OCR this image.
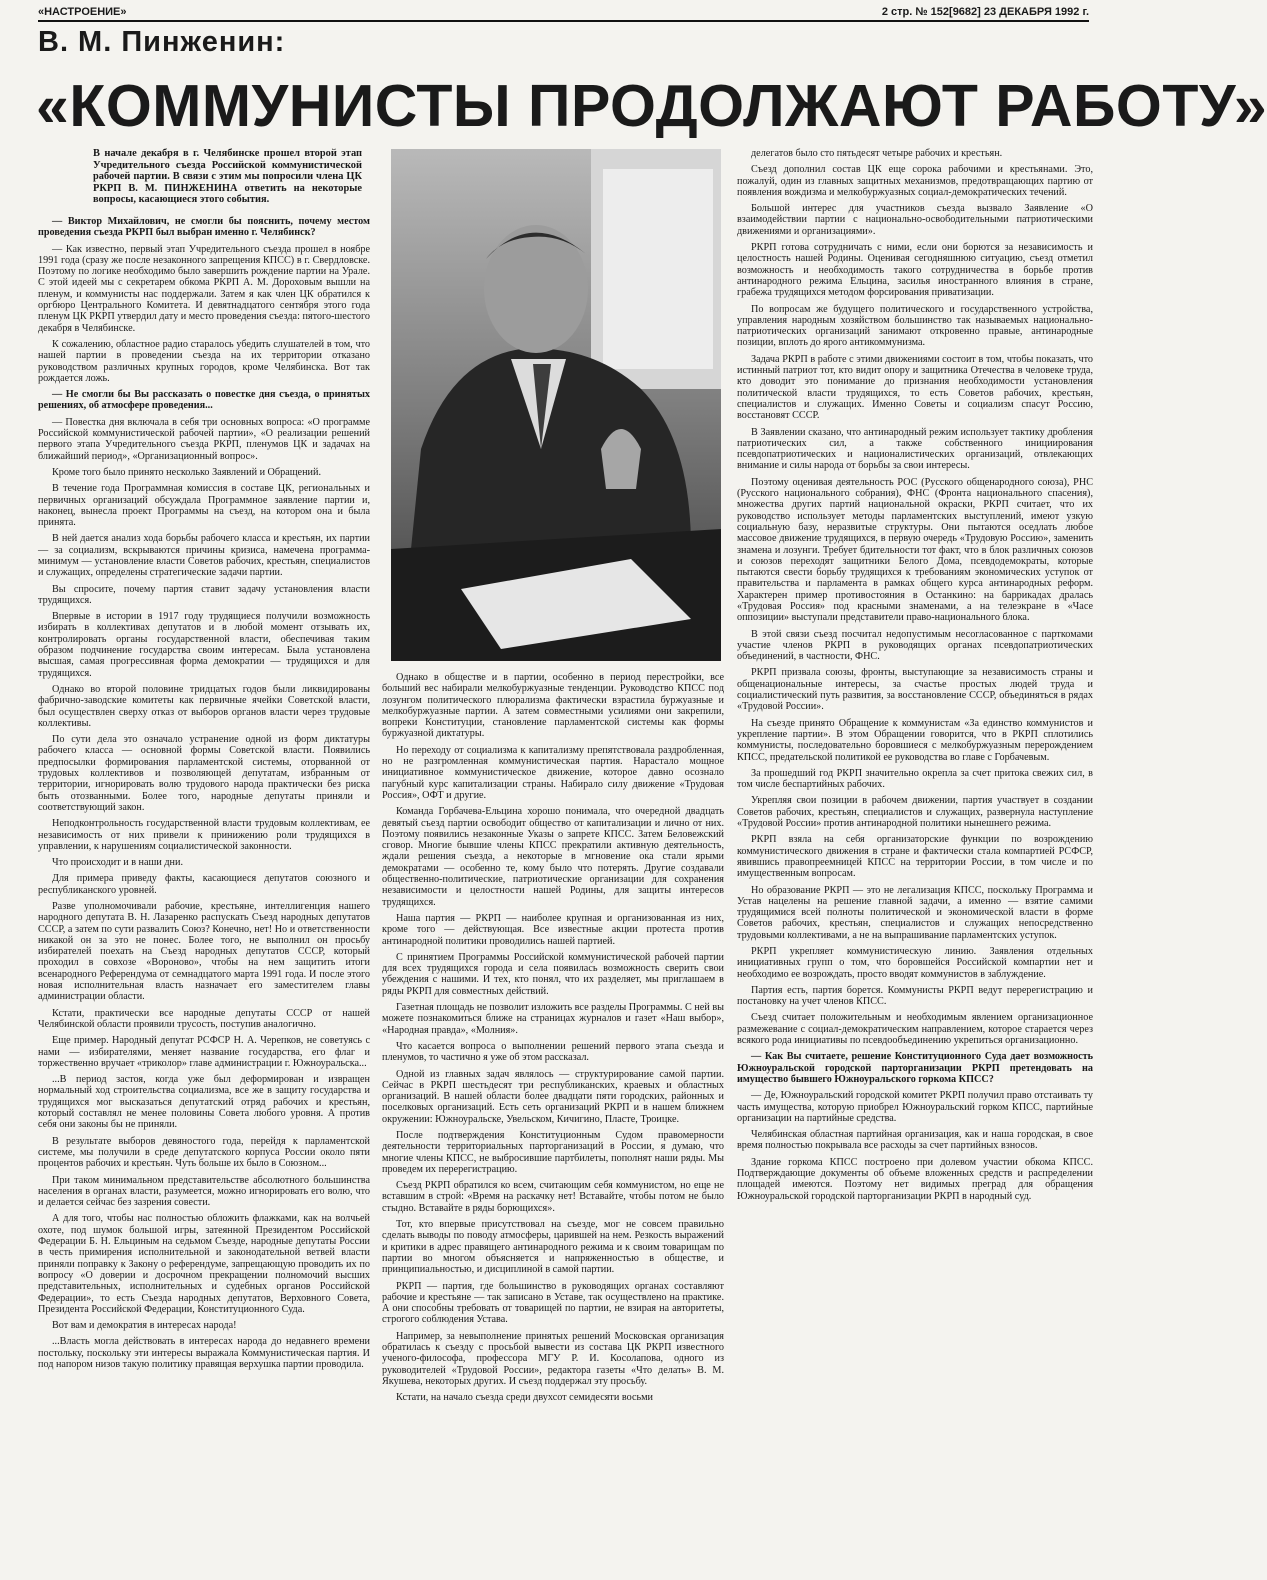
«НАСТРОЕНИЕ»	2 стр. № 152[9682] 23 ДЕКАБРЯ 1992 г.
В. М. Пинженин:
«КОММУНИСТЫ ПРОДОЛЖАЮТ РАБОТУ»

В начале декабря в г. Челябинске прошел второй этап Учредительного съезда Российской коммунистической рабочей партии. В связи с этим мы попросили члена ЦК РКРП В. М. ПИНЖЕНИНА ответить на некоторые вопросы, касающиеся этого события.

— Виктор Михайлович, не смогли бы пояснить, почему местом проведения съезда РКРП был выбран именно г. Челябинск?

— Как известно, первый этап Учредительного съезда прошел в ноябре 1991 года (сразу же после незаконного запрещения КПСС) в г. Свердловске. Поэтому по логике необходимо было завершить рождение партии на Урале. С этой идеей мы с секретарем обкома РКРП А. М. Дороховым вышли на пленум, и коммунисты нас поддержали. Затем я как член ЦК обратился к оргбюро Центрального Комитета. И девятнадцатого сентября этого года пленум ЦК РКРП утвердил дату и место проведения съезда: пятого-шестого декабря в Челябинске.

К сожалению, областное радио старалось убедить слушателей в том, что нашей партии в проведении съезда на их территории отказано руководством различных крупных городов, кроме Челябинска. Вот так рождается ложь.

— Не смогли бы Вы рассказать о повестке дня съезда, о принятых решениях, об атмосфере проведения...

— Повестка дня включала в себя три основных вопроса: «О программе Российской коммунистической рабочей партии», «О реализации решений первого этапа Учредительного съезда РКРП, пленумов ЦК и задачах на ближайший период», «Организационный вопрос».

Кроме того было принято несколько Заявлений и Обращений.

В течение года Программная комиссия в составе ЦК, региональных и первичных организаций обсуждала Программное заявление партии и, наконец, вынесла проект Программы на съезд, на котором она и была принята.

В ней дается анализ хода борьбы рабочего класса и крестьян, их партии — за социализм, вскрываются причины кризиса, намечена программа-минимум — установление власти Советов рабочих, крестьян, специалистов и служащих, определены стратегические задачи партии.

Вы спросите, почему партия ставит задачу установления власти трудящихся.

Впервые в истории в 1917 году трудящиеся получили возможность избирать в коллективах депутатов и в любой момент отзывать их, контролировать органы государственной власти, обеспечивая таким образом подчинение государства своим интересам. Была установлена высшая, самая прогрессивная форма демократии — трудящихся и для трудящихся.

Однако во второй половине тридцатых годов были ликвидированы фабрично-заводские комитеты как первичные ячейки Советской власти, был осуществлен сверху отказ от выборов органов власти через трудовые коллективы.

По сути дела это означало устранение одной из форм диктатуры рабочего класса — основной формы Советской власти. Появились предпосылки формирования парламентской системы, оторванной от трудовых коллективов и позволяющей депутатам, избранным от территории, игнорировать волю трудового народа практически без риска быть отозванными. Более того, народные депутаты приняли и соответствующий закон.

Неподконтрольность государственной власти трудовым коллективам, ее независимость от них привели к принижению роли трудящихся в управлении, к нарушениям социалистической законности.

Что происходит и в наши дни.

Для примера приведу факты, касающиеся депутатов союзного и республиканского уровней.

Разве уполномочивали рабочие, крестьяне, интеллигенция нашего народного депутата В. Н. Лазаренко распускать Съезд народных депутатов СССР, а затем по сути развалить Союз? Конечно, нет! Но и ответственности никакой он за это не понес. Более того, не выполнил он просьбу избирателей поехать на Съезд народных депутатов СССР, который проходил в совхозе «Вороново», чтобы на нем защитить итоги всенародного Референдума от семнадцатого марта 1991 года. И после этого новая исполнительная власть назначает его заместителем главы администрации области.

Кстати, практически все народные депутаты СССР от нашей Челябинской области проявили трусость, поступив аналогично.

Еще пример. Народный депутат РСФСР Н. А. Черепков, не советуясь с нами — избирателями, меняет название государства, его флаг и торжественно вручает «триколор» главе администрации г. Южноуральска...

...В период застоя, когда уже был деформирован и извращен нормальный ход строительства социализма, все же в защиту государства и трудящихся мог высказаться депутатский отряд рабочих и крестьян, который составлял не менее половины Совета любого уровня. А против себя они законы бы не приняли.

В результате выборов девяностого года, перейдя к парламентской системе, мы получили в среде депутатского корпуса России около пяти процентов рабочих и крестьян. Чуть больше их было в Союзном...

При таком минимальном представительстве абсолютного большинства населения в органах власти, разумеется, можно игнорировать его волю, что и делается сейчас без зазрения совести.

А для того, чтобы нас полностью обложить флажками, как на волчьей охоте, под шумок большой игры, затеянной Президентом Российской Федерации Б. Н. Ельциным на седьмом Съезде, народные депутаты России в честь примирения исполнительной и законодательной ветвей власти приняли поправку к Закону о референдуме, запрещающую проводить их по вопросу «О доверии и досрочном прекращении полномочий высших представительных, исполнительных и судебных органов Российской Федерации», то есть Съезда народных депутатов, Верховного Совета, Президента Российской Федерации, Конституционного Суда.

Вот вам и демократия в интересах народа!

...Власть могла действовать в интересах народа до недавнего времени постольку, поскольку эти интересы выражала Коммунистическая партия. И под напором низов такую политику правящая верхушка партии проводила.

Однако в обществе и в партии, особенно в период перестройки, все больший вес набирали мелкобуржуазные тенденции. Руководство КПСС под лозунгом политического плюрализма фактически взрастила буржуазные и мелкобуржуазные партии. А затем совместными усилиями они закрепили, вопреки Конституции, становление парламентской системы как формы буржуазной диктатуры.

Но переходу от социализма к капитализму препятствовала раздробленная, но не разгромленная коммунистическая партия. Нарастало мощное инициативное коммунистическое движение, которое давно осознало пагубный курс капитализации страны. Набирало силу движение «Трудовая Россия», ОФТ и другие.

Команда Горбачева-Ельцина хорошо понимала, что очередной двадцать девятый съезд партии освободит общество от капитализации и лично от них. Поэтому появились незаконные Указы о запрете КПСС. Затем Беловежский сговор. Многие бывшие члены КПСС прекратили активную деятельность, ждали решения съезда, а некоторые в мгновение ока стали ярыми демократами — особенно те, кому было что потерять. Другие создавали общественно-политические, патриотические организации для сохранения независимости и целостности нашей Родины, для защиты интересов трудящихся.

Наша партия — РКРП — наиболее крупная и организованная из них, кроме того — действующая. Все известные акции протеста против антинародной политики проводились нашей партией.

С принятием Программы Российской коммунистической рабочей партии для всех трудящихся города и села появилась возможность сверить свои убеждения с нашими. И тех, кто понял, что их разделяет, мы приглашаем в ряды РКРП для совместных действий.

Газетная площадь не позволит изложить все разделы Программы. С ней вы можете познакомиться ближе на страницах журналов и газет «Наш выбор», «Народная правда», «Молния».

Что касается вопроса о выполнении решений первого этапа съезда и пленумов, то частично я уже об этом рассказал.

Одной из главных задач являлось — структурирование самой партии. Сейчас в РКРП шестьдесят три республиканских, краевых и областных организаций. В нашей области более двадцати пяти городских, районных и поселковых организаций. Есть сеть организаций РКРП и в нашем ближнем окружении: Южноуральске, Увельском, Кичигино, Пласте, Троицке.

После подтверждения Конституционным Судом правомерности деятельности территориальных парторганизаций в России, я думаю, что многие члены КПСС, не выбросившие партбилеты, пополнят наши ряды. Мы проведем их перерегистрацию.

Съезд РКРП обратился ко всем, считающим себя коммунистом, но еще не вставшим в строй: «Время на раскачку нет! Вставайте, чтобы потом не было стыдно. Вставайте в ряды борющихся».

Тот, кто впервые присутствовал на съезде, мог не совсем правильно сделать выводы по поводу атмосферы, царившей на нем. Резкость выражений и критики в адрес правящего антинародного режима и к своим товарищам по партии во многом объясняется и напряженностью в обществе, и принципиальностью, и дисциплиной в самой партии.

РКРП — партия, где большинство в руководящих органах составляют рабочие и крестьяне — так записано в Уставе, так осуществлено на практике. А они способны требовать от товарищей по партии, не взирая на авторитеты, строгого соблюдения Устава.

Например, за невыполнение принятых решений Московская организация обратилась к съезду с просьбой вывести из состава ЦК РКРП известного ученого-философа, профессора МГУ Р. И. Косолапова, одного из руководителей «Трудовой России», редактора газеты «Что делать» В. М. Якушева, некоторых других. И съезд поддержал эту просьбу.

Кстати, на начало съезда среди двухсот семидесяти восьми

делегатов было сто пятьдесят четыре рабочих и крестьян.

Съезд дополнил состав ЦК еще сорока рабочими и крестьянами. Это, пожалуй, один из главных защитных механизмов, предотвращающих партию от появления вождизма и мелкобуржуазных социал-демократических течений.

Большой интерес для участников съезда вызвало Заявление «О взаимодействии партии с национально-освободительными патриотическими движениями и организациями».

РКРП готова сотрудничать с ними, если они борются за независимость и целостность нашей Родины. Оценивая сегодняшнюю ситуацию, съезд отметил возможность и необходимость такого сотрудничества в борьбе против антинародного режима Ельцина, засилья иностранного влияния в стране, грабежа трудящихся методом форсирования приватизации.

По вопросам же будущего политического и государственного устройства, управления народным хозяйством большинство так называемых национально-патриотических организаций занимают откровенно правые, антинародные позиции, вплоть до ярого антикоммунизма.

Задача РКРП в работе с этими движениями состоит в том, чтобы показать, что истинный патриот тот, кто видит опору и защитника Отечества в человеке труда, кто доводит это понимание до признания необходимости установления политической власти трудящихся, то есть Советов рабочих, крестьян, специалистов и служащих. Именно Советы и социализм спасут Россию, восстановят СССР.

В Заявлении сказано, что антинародный режим использует тактику дробления патриотических сил, а также собственного инициирования псевдопатриотических и националистических организаций, отвлекающих внимание и силы народа от борьбы за свои интересы.

Поэтому оценивая деятельность РОС (Русского общенародного союза), РНС (Русского национального собрания), ФНС (Фронта национального спасения), множества других партий национальной окраски, РКРП считает, что их руководство использует методы парламентских выступлений, имеют узкую социальную базу, неразвитые структуры. Они пытаются оседлать любое массовое движение трудящихся, в первую очередь «Трудовую Россию», заменить знамена и лозунги. Требует бдительности тот факт, что в блок различных союзов и союзов переходят защитники Белого Дома, псевдодемократы, которые пытаются свести борьбу трудящихся к требованиям экономических уступок от правительства и парламента в рамках общего курса антинародных реформ. Характерен пример противостояния в Останкино: на баррикадах дралась «Трудовая Россия» под красными знаменами, а на телеэкране в «Часе оппозиции» выступали представители право-национального блока.

В этой связи съезд посчитал недопустимым несогласованное с парткомами участие членов РКРП в руководящих органах псевдопатриотических объединений, в частности, ФНС.

РКРП призвала союзы, фронты, выступающие за независимость страны и общенациональные интересы, за счастье простых людей труда и социалистический путь развития, за восстановление СССР, объединяться в рядах «Трудовой России».

На съезде принято Обращение к коммунистам «За единство коммунистов и укрепление партии». В этом Обращении говорится, что в РКРП сплотились коммунисты, последовательно боровшиеся с мелкобуржуазным перерождением КПСС, предательской политикой ее руководства во главе с Горбачевым.

За прошедший год РКРП значительно окрепла за счет притока свежих сил, в том числе беспартийных рабочих.

Укрепляя свои позиции в рабочем движении, партия участвует в создании Советов рабочих, крестьян, специалистов и служащих, развернула наступление «Трудовой России» против антинародной политики нынешнего режима.

РКРП взяла на себя организаторские функции по возрождению коммунистического движения в стране и фактически стала компартией РСФСР, явившись правопреемницей КПСС на территории России, в том числе и по имущественным вопросам.

Но образование РКРП — это не легализация КПСС, поскольку Программа и Устав нацелены на решение главной задачи, а именно — взятие самими трудящимися всей полноты политической и экономической власти в форме Советов рабочих, крестьян, специалистов и служащих непосредственно трудовыми коллективами, а не на выпрашивание парламентских уступок.

РКРП укрепляет коммунистическую линию. Заявления отдельных инициативных групп о том, что боровшейся Российской компартии нет и необходимо ее возрождать, просто вводят коммунистов в заблуждение.

Партия есть, партия борется. Коммунисты РКРП ведут перерегистрацию и постановку на учет членов КПСС.

Съезд считает положительным и необходимым явлением организационное размежевание с социал-демократическим направлением, которое старается через всякого рода инициативы по псевдообъединению укрепиться организационно.

— Как Вы считаете, решение Конституционного Суда дает возможность Южноуральской городской парторганизации РКРП претендовать на имущество бывшего Южноуральского горкома КПСС?

— Де, Южноуральский городской комитет РКРП получил право отстаивать ту часть имущества, которую приобрел Южноуральский горком КПСС, партийные организации на партийные средства.

Челябинская областная партийная организация, как и наша городская, в свое время полностью покрывала все расходы за счет партийных взносов.

Здание горкома КПСС построено при долевом участии обкома КПСС. Подтверждающие документы об объеме вложенных средств и распределении площадей имеются. Поэтому нет видимых преград для обращения Южноуральской городской парторганизации РКРП в народный суд.
